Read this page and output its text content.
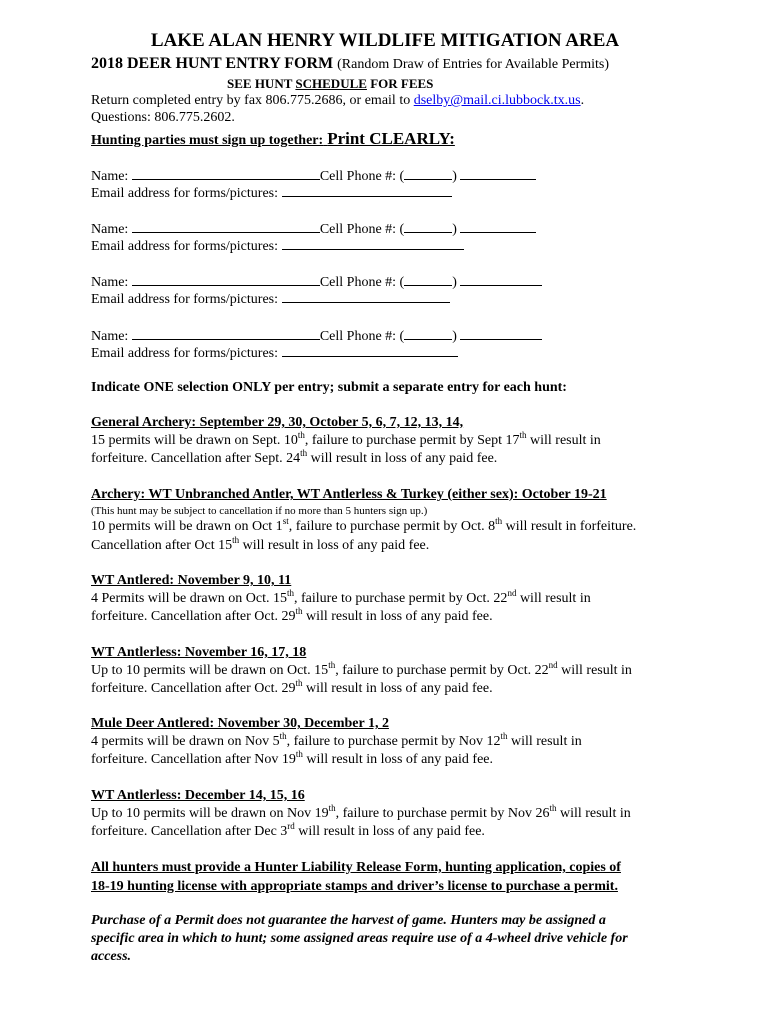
LAKE ALAN HENRY WILDLIFE MITIGATION AREA
2018 DEER HUNT ENTRY FORM (Random Draw of Entries for Available Permits)
SEE HUNT SCHEDULE FOR FEES
Return completed entry by fax 806.775.2686, or email to dselby@mail.ci.lubbock.tx.us.
Questions: 806.775.2602.
Hunting parties must sign up together: Print CLEARLY:
Name:	Cell Phone #: (	)
Email address for forms/pictures:
Name:	Cell Phone #: (	)
Email address for forms/pictures:
Name:	Cell Phone #: (	)
Email address for forms/pictures:
Name:	Cell Phone #: (	)
Email address for forms/pictures:
Indicate ONE selection ONLY per entry; submit a separate entry for each hunt:
General Archery: September 29, 30, October 5, 6, 7, 12, 13, 14,
15 permits will be drawn on Sept. 10th, failure to purchase permit by Sept 17th will result in
forfeiture. Cancellation after Sept. 24th will result in loss of any paid fee.
Archery: WT Unbranched Antler, WT Antlerless & Turkey (either sex): October 19-21
(This hunt may be subject to cancellation if no more than 5 hunters sign up.)
10 permits will be drawn on Oct 1st, failure to purchase permit by Oct. 8th will result in forfeiture.
Cancellation after Oct 15th will result in loss of any paid fee.
WT Antlered: November 9, 10, 11
4 Permits will be drawn on Oct. 15th, failure to purchase permit by Oct. 22nd will result in
forfeiture. Cancellation after Oct. 29th will result in loss of any paid fee.
WT Antlerless: November 16, 17, 18
Up to 10 permits will be drawn on Oct. 15th, failure to purchase permit by Oct. 22nd will result in
forfeiture. Cancellation after Oct. 29th will result in loss of any paid fee.
Mule Deer Antlered: November 30, December 1, 2
4 permits will be drawn on Nov 5th, failure to purchase permit by Nov 12th will result in
forfeiture. Cancellation after Nov 19th will result in loss of any paid fee.
WT Antlerless: December 14, 15, 16
Up to 10 permits will be drawn on Nov 19th, failure to purchase permit by Nov 26th will result in
forfeiture. Cancellation after Dec 3rd will result in loss of any paid fee.
All hunters must provide a Hunter Liability Release Form, hunting application, copies of
18-19 hunting license with appropriate stamps and driver’s license to purchase a permit.
Purchase of a Permit does not guarantee the harvest of game. Hunters may be assigned a
specific area in which to hunt; some assigned areas require use of a 4-wheel drive vehicle for
access.
